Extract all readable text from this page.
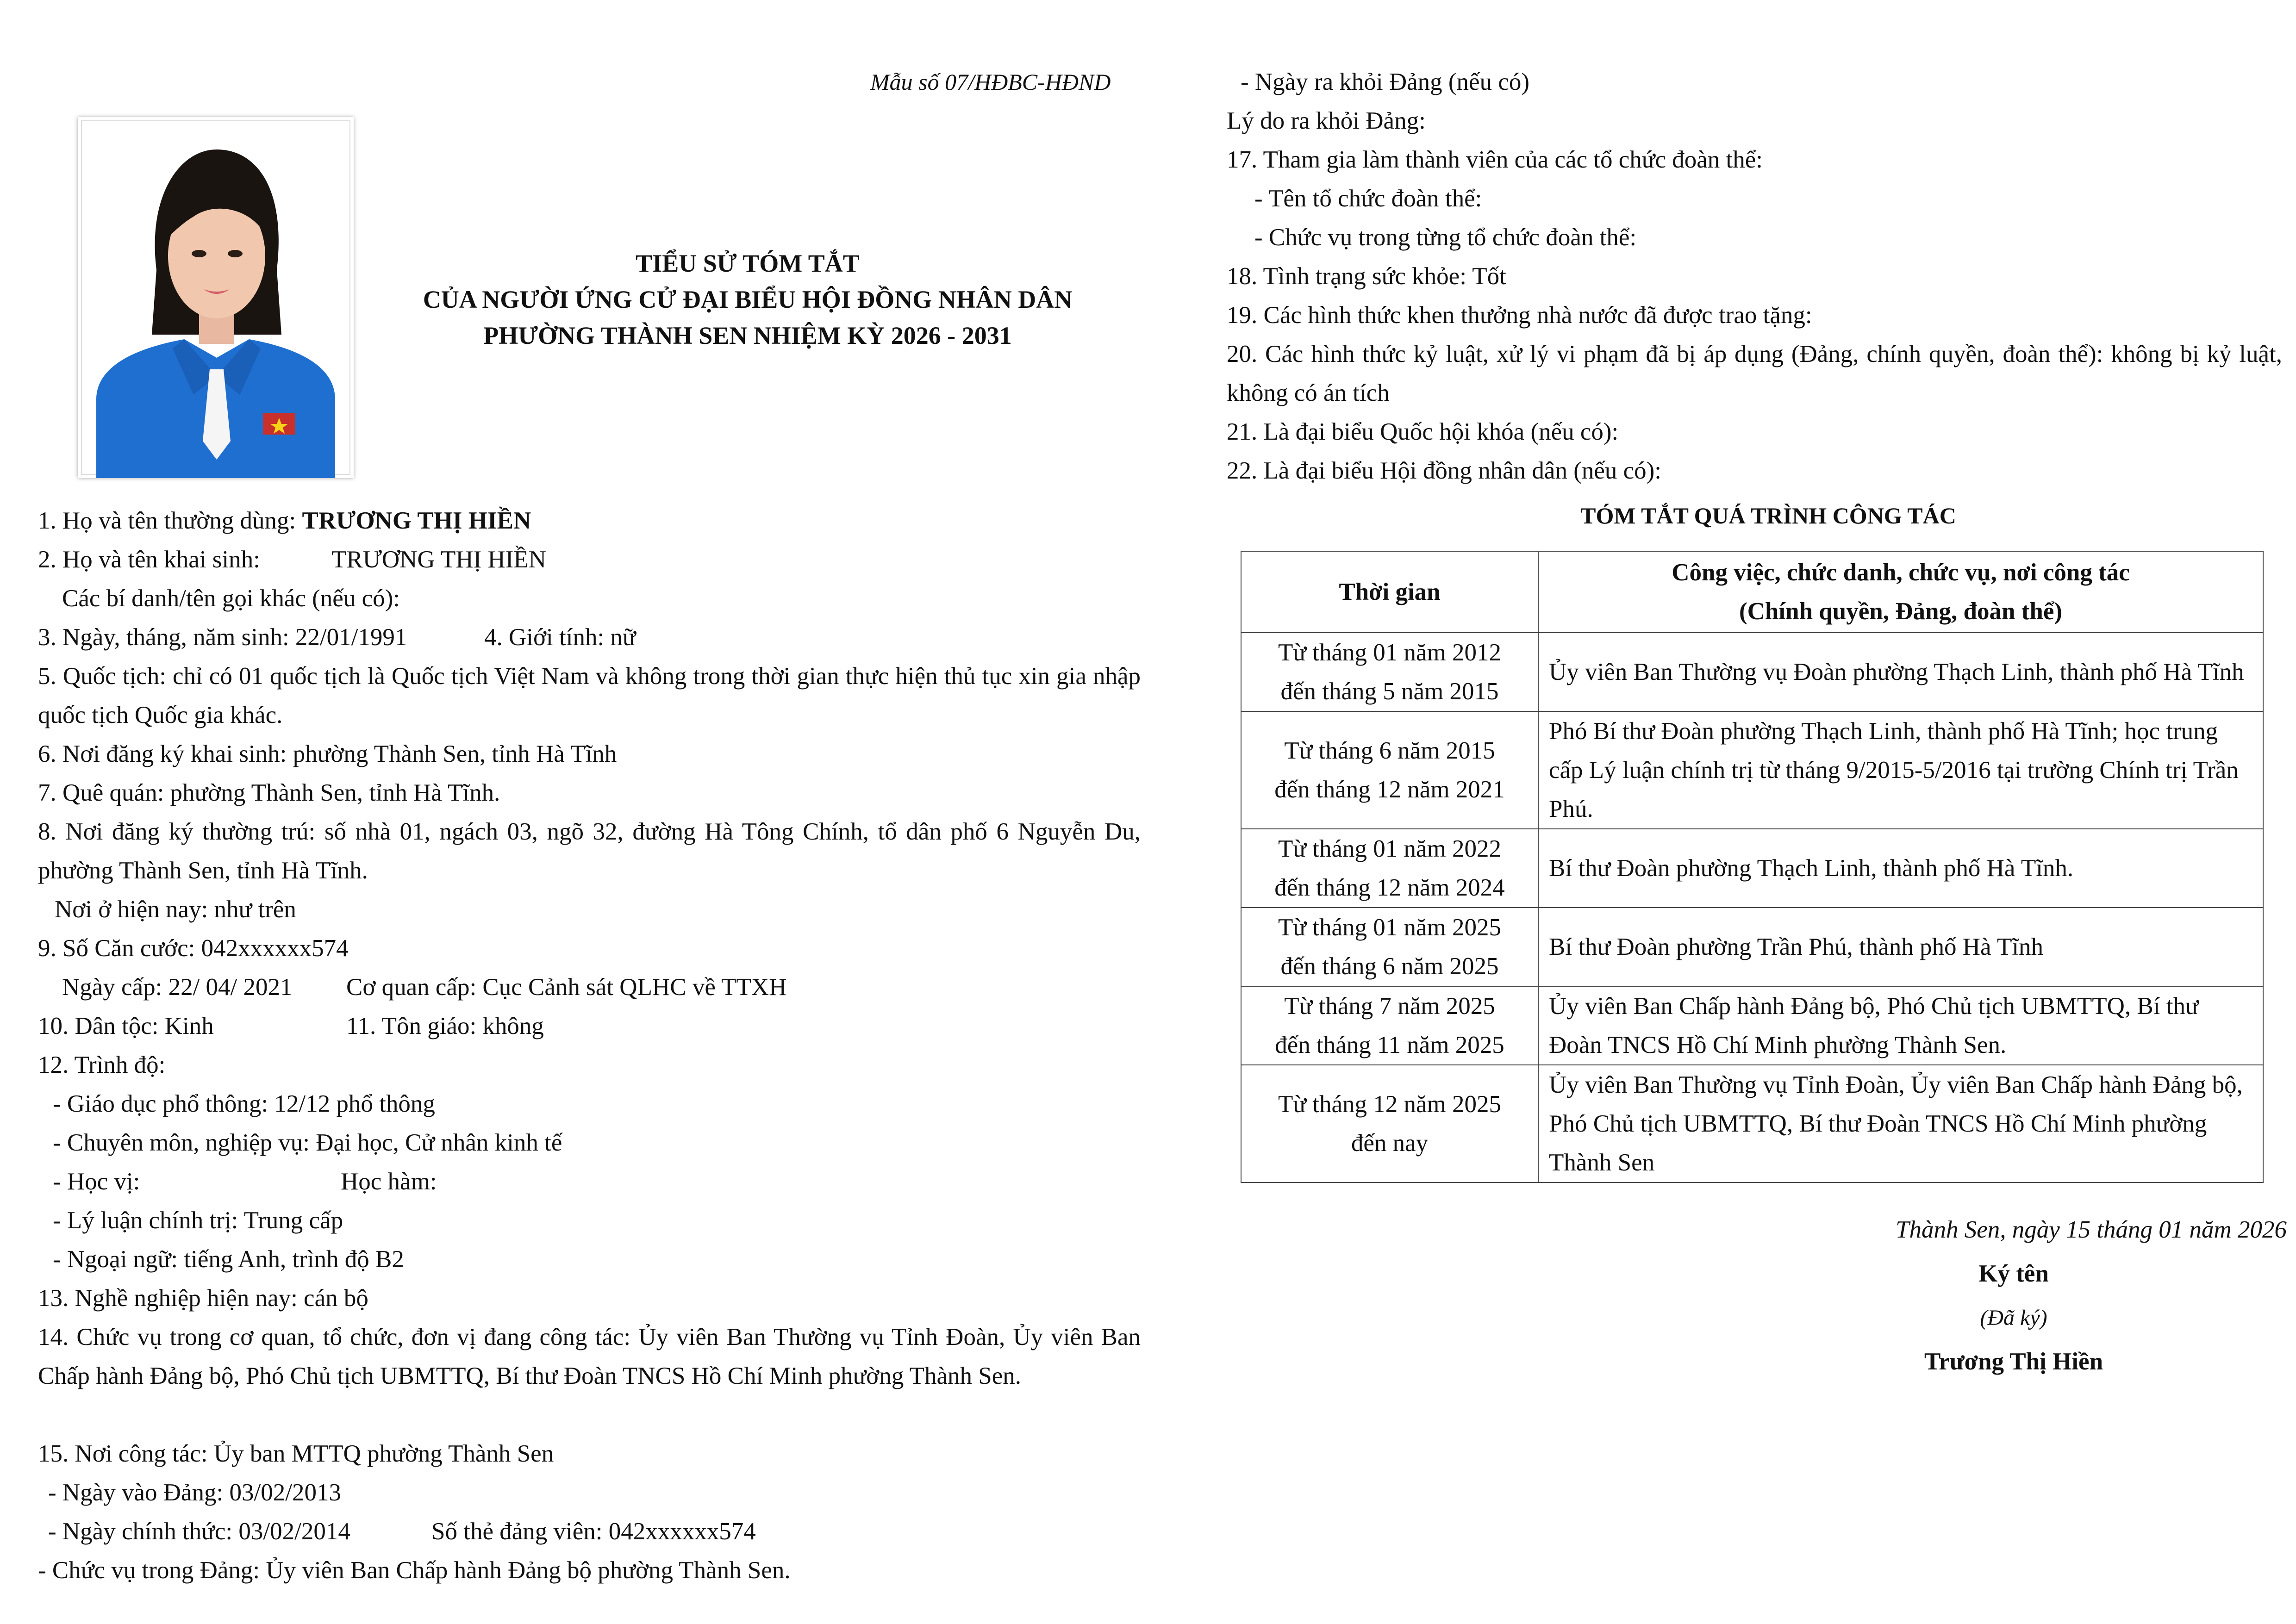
Mẫu số 07/HĐBC-HĐND
TIỂU SỬ TÓM TẮT
CỦA NGƯỜI ỨNG CỬ ĐẠI BIỂU HỘI ĐỒNG NHÂN DÂN
PHƯỜNG THÀNH SEN NHIỆM KỲ 2026 - 2031
1. Họ và tên thường dùng: TRƯƠNG THỊ HIỀN
2. Họ và tên khai sinh:	TRƯƠNG THỊ HIỀN
Các bí danh/tên gọi khác (nếu có):
3. Ngày, tháng, năm sinh: 22/01/1991	4. Giới tính: nữ
5. Quốc tịch: chỉ có 01 quốc tịch là Quốc tịch Việt Nam và không trong thời gian thực hiện thủ tục xin gia nhập quốc tịch Quốc gia khác.
6. Nơi đăng ký khai sinh: phường Thành Sen, tỉnh Hà Tĩnh
7. Quê quán: phường Thành Sen, tỉnh Hà Tĩnh.
8. Nơi đăng ký thường trú: số nhà 01, ngách 03, ngõ 32, đường Hà Tông Chính, tổ dân phố 6 Nguyễn Du, phường Thành Sen, tỉnh Hà Tĩnh.
Nơi ở hiện nay: như trên
9. Số Căn cước: 042xxxxxx574
Ngày cấp: 22/ 04/ 2021 Cơ quan cấp: Cục Cảnh sát QLHC về TTXH
10. Dân tộc: Kinh	11. Tôn giáo: không
12. Trình độ:
- Giáo dục phổ thông: 12/12 phổ thông
- Chuyên môn, nghiệp vụ: Đại học, Cử nhân kinh tế
- Học vị:	Học hàm:
- Lý luận chính trị: Trung cấp
- Ngoại ngữ: tiếng Anh, trình độ B2
13. Nghề nghiệp hiện nay: cán bộ
14. Chức vụ trong cơ quan, tổ chức, đơn vị đang công tác: Ủy viên Ban Thường vụ Tỉnh Đoàn, Ủy viên Ban Chấp hành Đảng bộ, Phó Chủ tịch UBMTTQ, Bí thư Đoàn TNCS Hồ Chí Minh phường Thành Sen.
15. Nơi công tác: Ủy ban MTTQ phường Thành Sen
- Ngày vào Đảng: 03/02/2013
- Ngày chính thức: 03/02/2014	Số thẻ đảng viên: 042xxxxxx574
- Chức vụ trong Đảng: Ủy viên Ban Chấp hành Đảng bộ phường Thành Sen.
- Ngày ra khỏi Đảng (nếu có)
Lý do ra khỏi Đảng:
17. Tham gia làm thành viên của các tổ chức đoàn thể:
- Tên tổ chức đoàn thể:
- Chức vụ trong từng tổ chức đoàn thể:
18. Tình trạng sức khỏe: Tốt
19. Các hình thức khen thưởng nhà nước đã được trao tặng:
20. Các hình thức kỷ luật, xử lý vi phạm đã bị áp dụng (Đảng, chính quyền, đoàn thể): không bị kỷ luật, không có án tích
21. Là đại biểu Quốc hội khóa (nếu có):
22. Là đại biểu Hội đồng nhân dân (nếu có):
TÓM TẮT QUÁ TRÌNH CÔNG TÁC
Thời gian	Công việc, chức danh, chức vụ, nơi công tác
(Chính quyền, Đảng, đoàn thể)

Từ tháng 01 năm 2012
đến tháng 5 năm 2015	Ủy viên Ban Thường vụ Đoàn phường Thạch Linh, thành phố Hà Tĩnh

Từ tháng 6 năm 2015
đến tháng 12 năm 2021	Phó Bí thư Đoàn phường Thạch Linh, thành phố Hà Tĩnh; học trung cấp Lý luận chính trị từ tháng 9/2015-5/2016 tại trường Chính trị Trần Phú.

Từ tháng 01 năm 2022
đến tháng 12 năm 2024	Bí thư Đoàn phường Thạch Linh, thành phố Hà Tĩnh.

Từ tháng 01 năm 2025
đến tháng 6 năm 2025	Bí thư Đoàn phường Trần Phú, thành phố Hà Tĩnh

Từ tháng 7 năm 2025
đến tháng 11 năm 2025	Ủy viên Ban Chấp hành Đảng bộ, Phó Chủ tịch UBMTTQ, Bí thư Đoàn TNCS Hồ Chí Minh phường Thành Sen.

Từ tháng 12 năm 2025
đến nay	Ủy viên Ban Thường vụ Tỉnh Đoàn, Ủy viên Ban Chấp hành Đảng bộ, Phó Chủ tịch UBMTTQ, Bí thư Đoàn TNCS Hồ Chí Minh phường Thành Sen
Thành Sen, ngày 15 tháng 01 năm 2026
Ký tên
(Đã ký)
Trương Thị Hiền
